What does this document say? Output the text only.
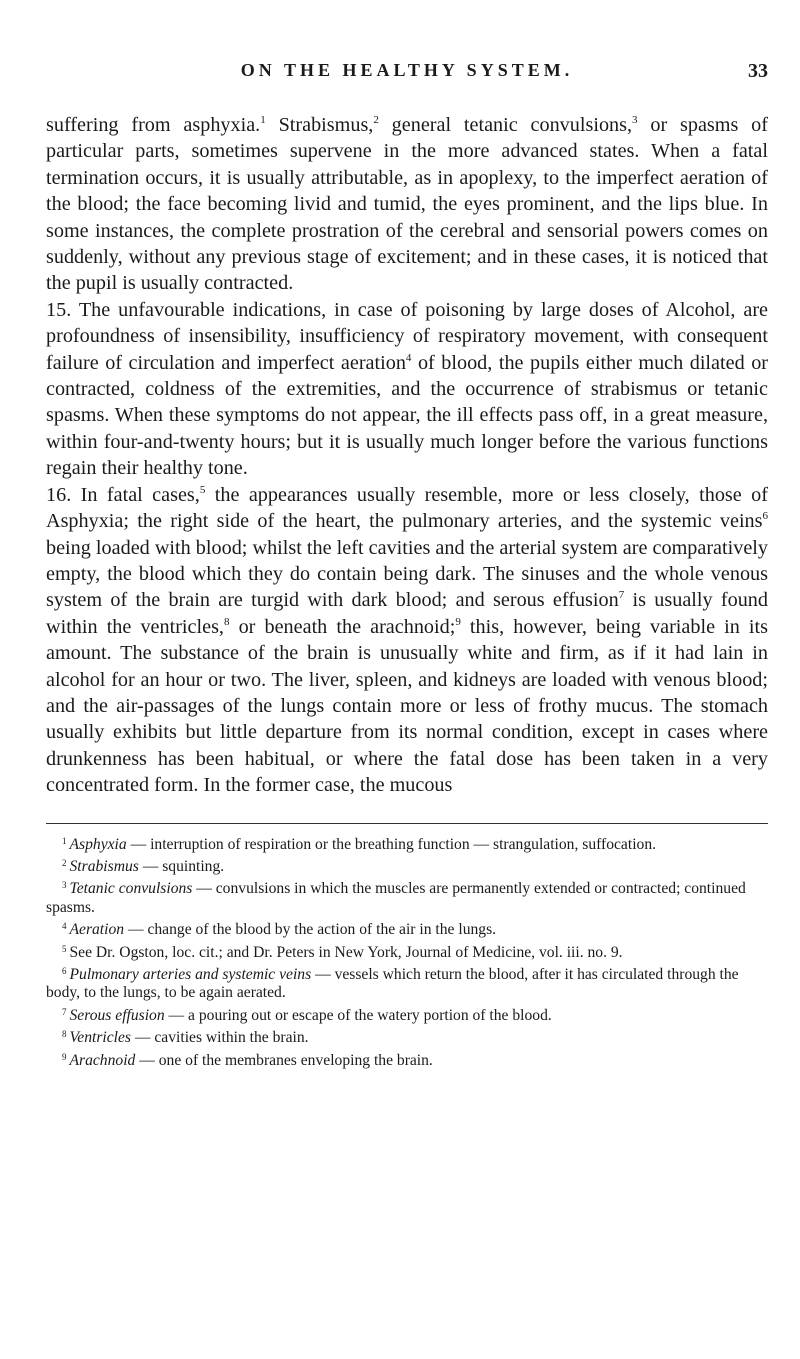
ON THE HEALTHY SYSTEM.	33

suffering from asphyxia.$^1$ Strabismus,$^2$ general tetanic convulsions,$^3$ or spasms of particular parts, sometimes supervene in the more advanced states. When a fatal termination occurs, it is usually attributable, as in apoplexy, to the imperfect aeration of the blood; the face becoming livid and tumid, the eyes prominent, and the lips blue. In some instances, the complete prostration of the cerebral and sensorial powers comes on suddenly, without any previous stage of excitement; and in these cases, it is noticed that the pupil is usually contracted.

15. The unfavourable indications, in case of poisoning by large doses of Alcohol, are profoundness of insensibility, insufficiency of respiratory movement, with consequent failure of circulation and imperfect aeration$^4$ of blood, the pupils either much dilated or contracted, coldness of the extremities, and the occurrence of strabismus or tetanic spasms. When these symptoms do not appear, the ill effects pass off, in a great measure, within four-and-twenty hours; but it is usually much longer before the various functions regain their healthy tone.

16. In fatal cases,$^5$ the appearances usually resemble, more or less closely, those of Asphyxia; the right side of the heart, the pulmonary arteries, and the systemic veins$^6$ being loaded with blood; whilst the left cavities and the arterial system are comparatively empty, the blood which they do contain being dark. The sinuses and the whole venous system of the brain are turgid with dark blood; and serous effusion$^7$ is usually found within the ventricles,$^8$ or beneath the arachnoid;$^9$ this, however, being variable in its amount. The substance of the brain is unusually white and firm, as if it had lain in alcohol for an hour or two. The liver, spleen, and kidneys are loaded with venous blood; and the air-passages of the lungs contain more or less of frothy mucus. The stomach usually exhibits but little departure from its normal condition, except in cases where drunkenness has been habitual, or where the fatal dose has been taken in a very concentrated form. In the former case, the mucous

$^1$ Asphyxia — interruption of respiration or the breathing function — strangulation, suffocation.

$^2$ Strabismus — squinting.

$^3$ Tetanic convulsions — convulsions in which the muscles are permanently extended or contracted; continued spasms.

$^4$ Aeration — change of the blood by the action of the air in the lungs.

$^5$ See Dr. Ogston, loc. cit.; and Dr. Peters in New York, Journal of Medicine, vol. iii. no. 9.

$^6$ Pulmonary arteries and systemic veins — vessels which return the blood, after it has circulated through the body, to the lungs, to be again aerated.

$^7$ Serous effusion — a pouring out or escape of the watery portion of the blood.

$^8$ Ventricles — cavities within the brain.

$^9$ Arachnoid — one of the membranes enveloping the brain.
